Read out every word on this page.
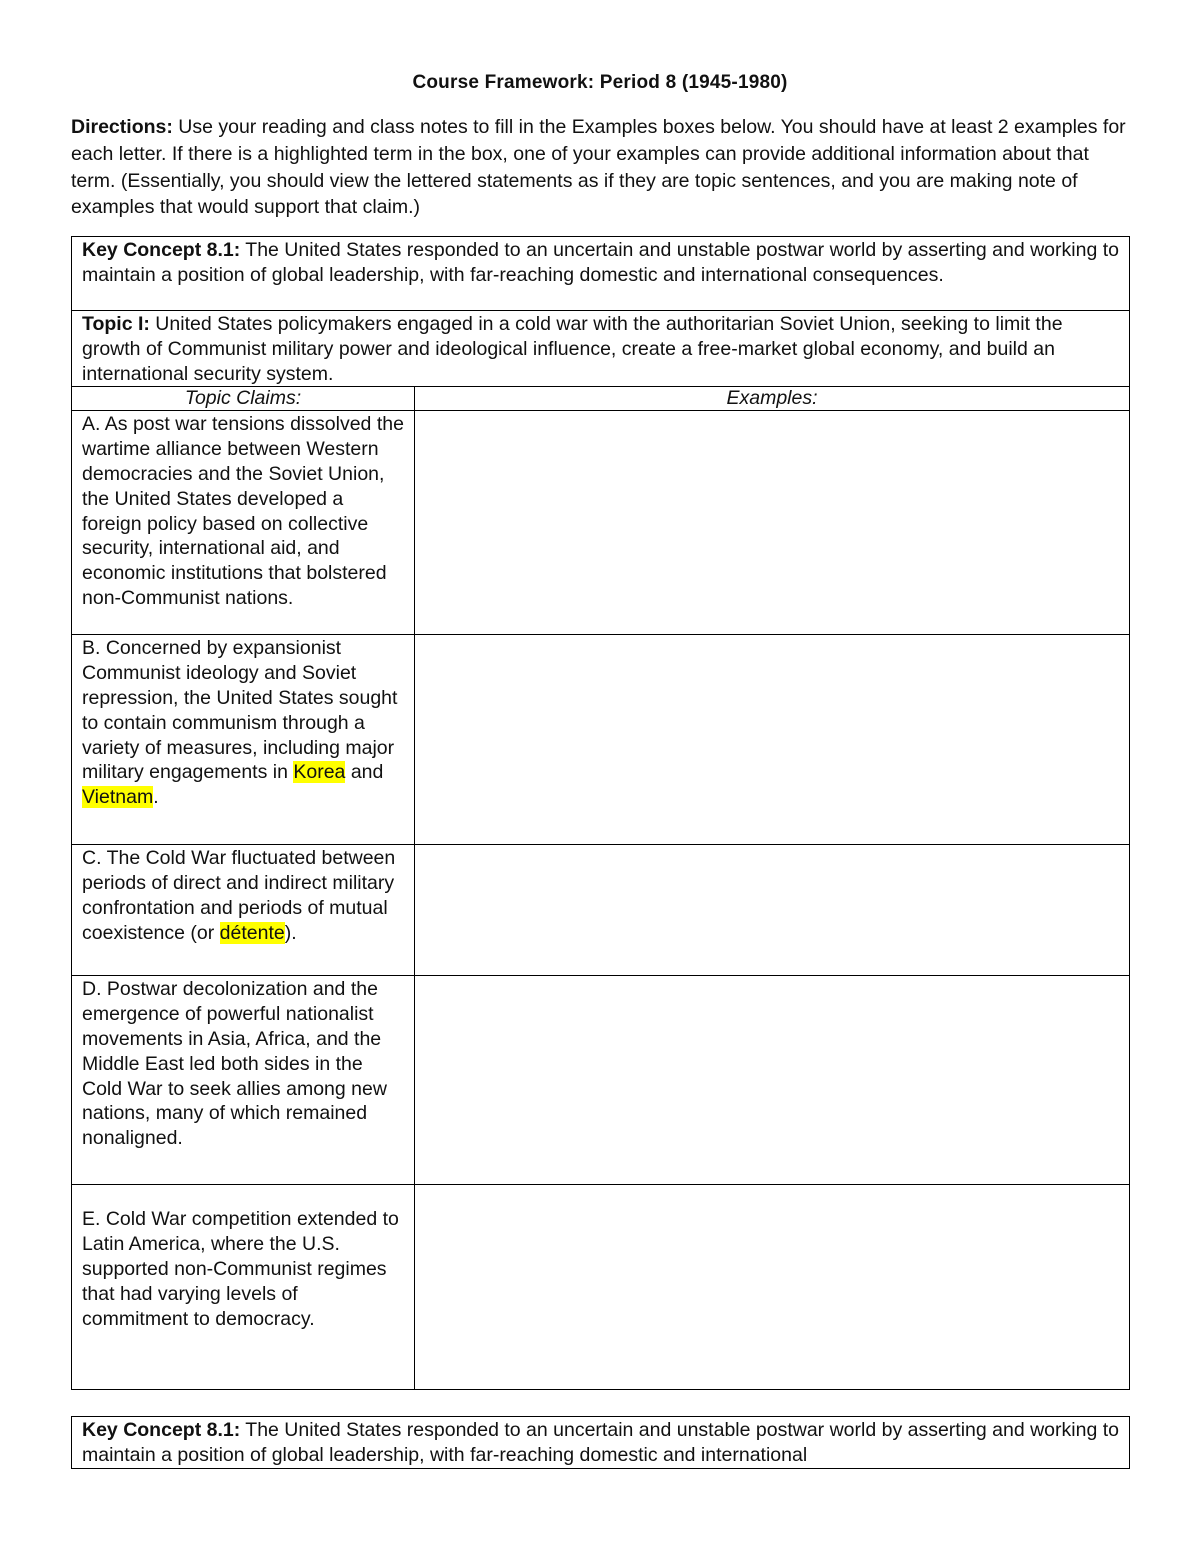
Course Framework: Period 8 (1945-1980)
Directions: Use your reading and class notes to fill in the Examples boxes below. You should have at least 2 examples for each letter. If there is a highlighted term in the box, one of your examples can provide additional information about that term. (Essentially, you should view the lettered statements as if they are topic sentences, and you are making note of examples that would support that claim.)
Key Concept 8.1: The United States responded to an uncertain and unstable postwar world by asserting and working to maintain a position of global leadership, with far-reaching domestic and international consequences.	
Topic I: United States policymakers engaged in a cold war with the authoritarian Soviet Union, seeking to limit the growth of Communist military power and ideological influence, create a free-market global economy, and build an international security system.	
Topic Claims:	Examples:
A. As post war tensions dissolved the wartime alliance between Western democracies and the Soviet Union, the United States developed a foreign policy based on collective security, international aid, and economic institutions that bolstered non-Communist nations.	
B. Concerned by expansionist Communist ideology and Soviet repression, the United States sought to contain communism through a variety of measures, including major military engagements in Korea and Vietnam.	
C. The Cold War fluctuated between periods of direct and indirect military confrontation and periods of mutual coexistence (or détente).	
D. Postwar decolonization and the emergence of powerful nationalist movements in Asia, Africa, and the Middle East led both sides in the Cold War to seek allies among new nations, many of which remained nonaligned.	
E. Cold War competition extended to Latin America, where the U.S. supported non-Communist regimes that had varying levels of commitment to democracy.	
Key Concept 8.1: The United States responded to an uncertain and unstable postwar world by asserting and working to maintain a position of global leadership, with far-reaching domestic and international
